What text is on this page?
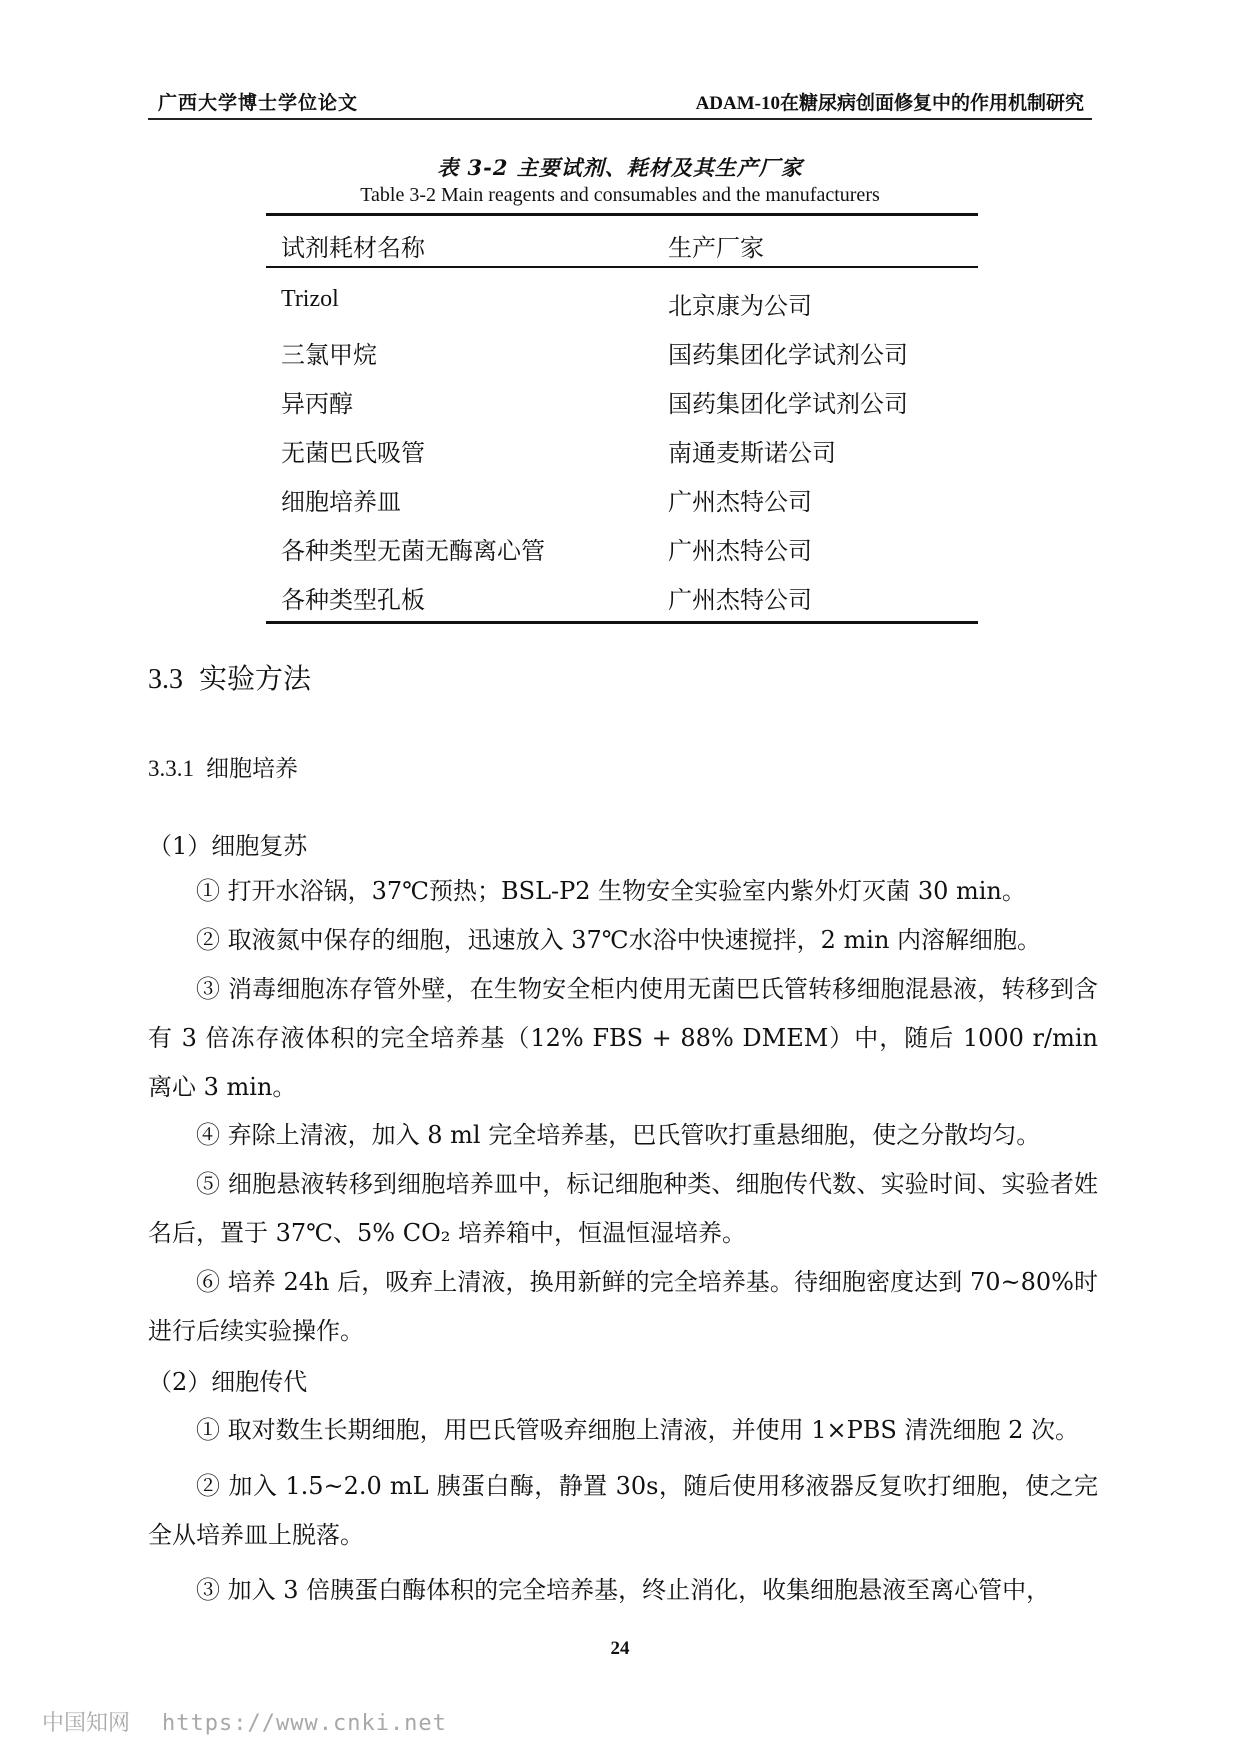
广西大学博士学位论文	ADAM-10在糖尿病创面修复中的作用机制研究
表 3-2 主要试剂、耗材及其生产厂家
Table 3-2 Main reagents and consumables and the manufacturers
试剂耗材名称	生产厂家
Trizol	北京康为公司
三氯甲烷	国药集团化学试剂公司
异丙醇	国药集团化学试剂公司
无菌巴氏吸管	南通麦斯诺公司
细胞培养皿	广州杰特公司
各种类型无菌无酶离心管	广州杰特公司
各种类型孔板	广州杰特公司
3.3 实验方法
3.3.1 细胞培养
（1）细胞复苏
① 打开水浴锅，37℃预热；BSL-P2 生物安全实验室内紫外灯灭菌 30 min。
② 取液氮中保存的细胞，迅速放入 37℃水浴中快速搅拌，2 min 内溶解细胞。
③ 消毒细胞冻存管外壁，在生物安全柜内使用无菌巴氏管转移细胞混悬液，转移到含有 3 倍冻存液体积的完全培养基（12% FBS + 88% DMEM）中，随后 1000 r/min 离心 3 min。
④ 弃除上清液，加入 8 ml 完全培养基，巴氏管吹打重悬细胞，使之分散均匀。
⑤ 细胞悬液转移到细胞培养皿中，标记细胞种类、细胞传代数、实验时间、实验者姓名后，置于 37℃、5% CO₂ 培养箱中，恒温恒湿培养。
⑥ 培养 24h 后，吸弃上清液，换用新鲜的完全培养基。待细胞密度达到 70~80%时进行后续实验操作。
（2）细胞传代
① 取对数生长期细胞，用巴氏管吸弃细胞上清液，并使用 1×PBS 清洗细胞 2 次。
② 加入 1.5~2.0 mL 胰蛋白酶，静置 30s，随后使用移液器反复吹打细胞，使之完全从培养皿上脱落。
③ 加入 3 倍胰蛋白酶体积的完全培养基，终止消化，收集细胞悬液至离心管中，
24
中国知网 https://www.cnki.net
